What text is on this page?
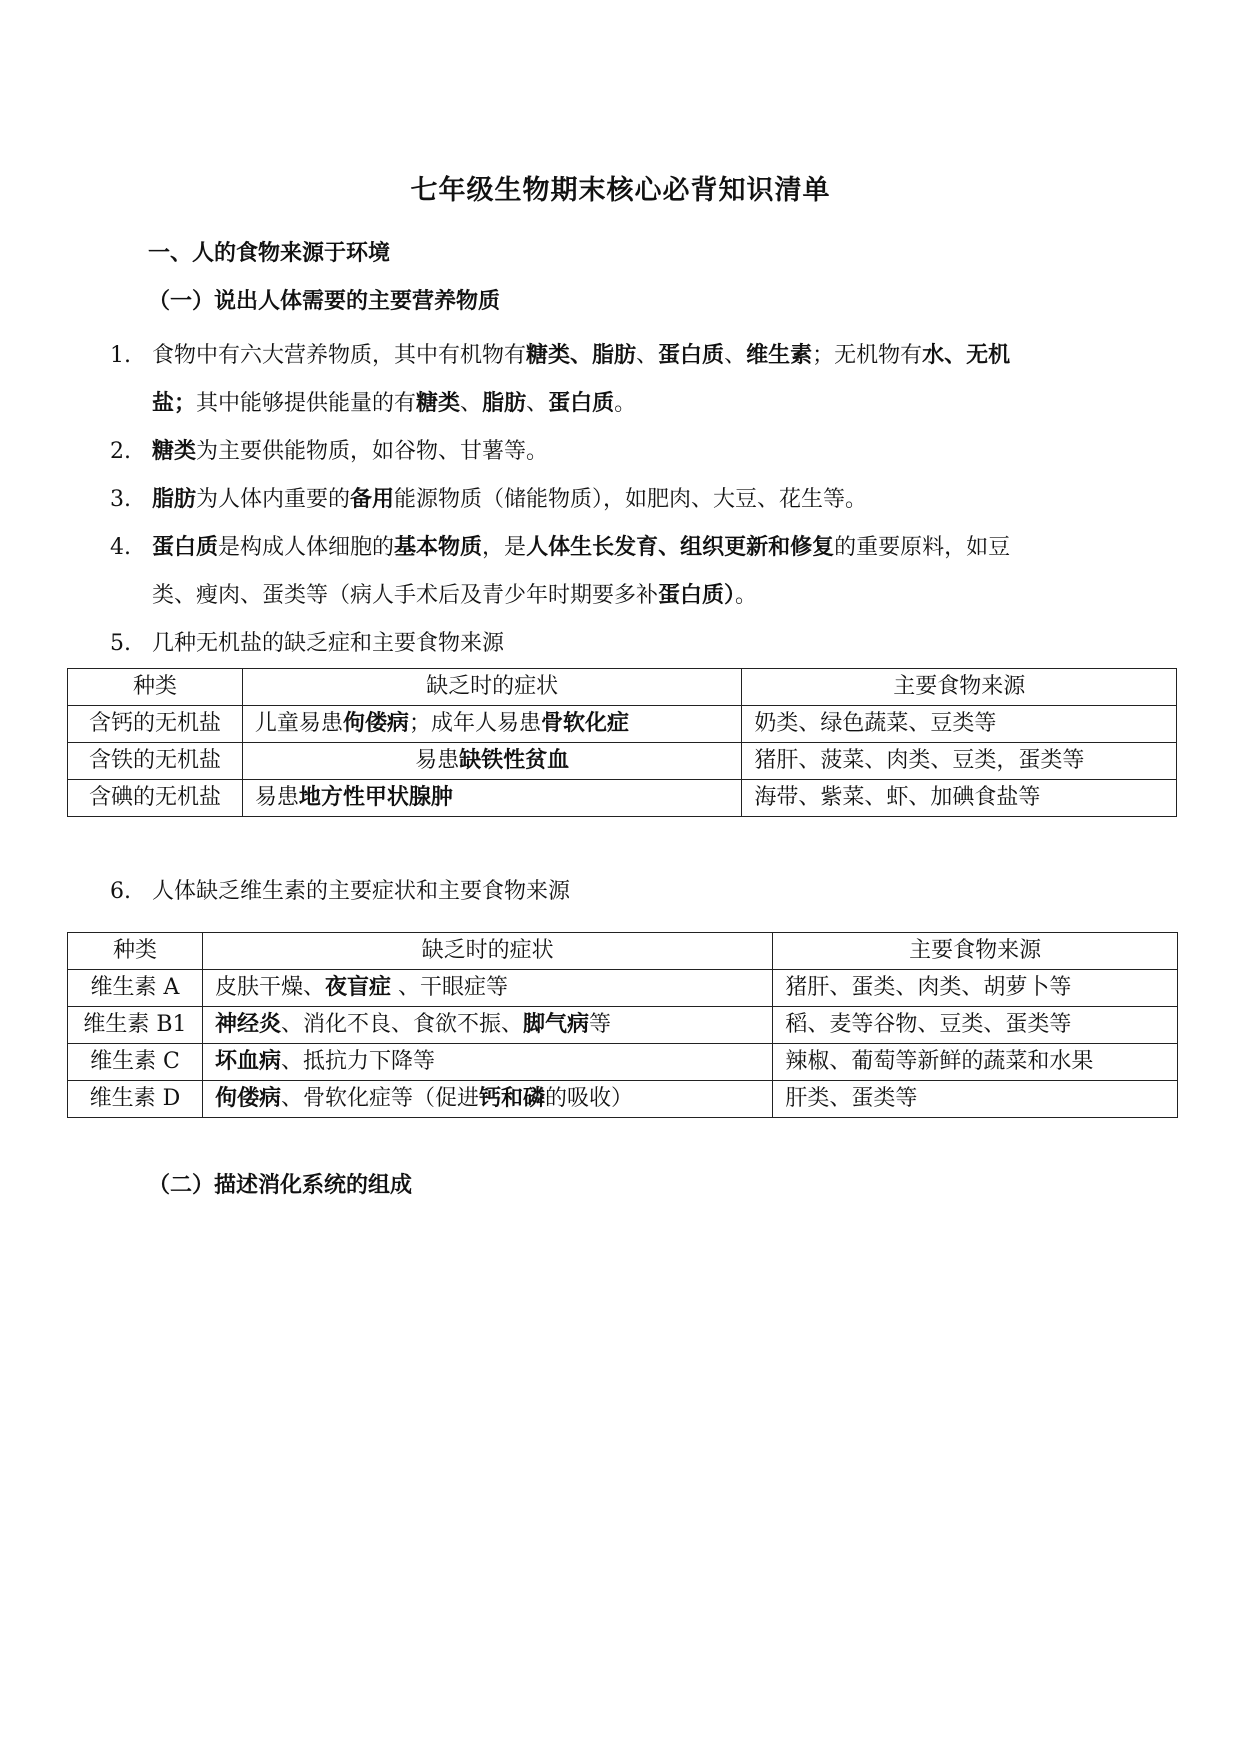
七年级生物期末核心必背知识清单
一、人的食物来源于环境
（一）说出人体需要的主要营养物质
1. 食物中有六大营养物质，其中有机物有糖类、脂肪、蛋白质、维生素；无机物有水、无机
盐；其中能够提供能量的有糖类、脂肪、蛋白质。
2. 糖类为主要供能物质，如谷物、甘薯等。
3. 脂肪为人体内重要的备用能源物质（储能物质），如肥肉、大豆、花生等。
4. 蛋白质是构成人体细胞的基本物质，是人体生长发育、组织更新和修复的重要原料，如豆
类、瘦肉、蛋类等（病人手术后及青少年时期要多补蛋白质）。
5. 几种无机盐的缺乏症和主要食物来源
种类	缺乏时的症状	主要食物来源
含钙的无机盐	儿童易患佝偻病；成年人易患骨软化症	奶类、绿色蔬菜、豆类等
含铁的无机盐	易患缺铁性贫血	猪肝、菠菜、肉类、豆类，蛋类等
含碘的无机盐	易患地方性甲状腺肿	海带、紫菜、虾、加碘食盐等
6. 人体缺乏维生素的主要症状和主要食物来源
种类	缺乏时的症状	主要食物来源
维生素 A	皮肤干燥、夜盲症 、干眼症等	猪肝、蛋类、肉类、胡萝卜等
维生素 B1	神经炎、消化不良、食欲不振、脚气病等	稻、麦等谷物、豆类、蛋类等
维生素 C	坏血病、抵抗力下降等	辣椒、葡萄等新鲜的蔬菜和水果
维生素 D	佝偻病、骨软化症等（促进钙和磷的吸收）	肝类、蛋类等
（二）描述消化系统的组成
